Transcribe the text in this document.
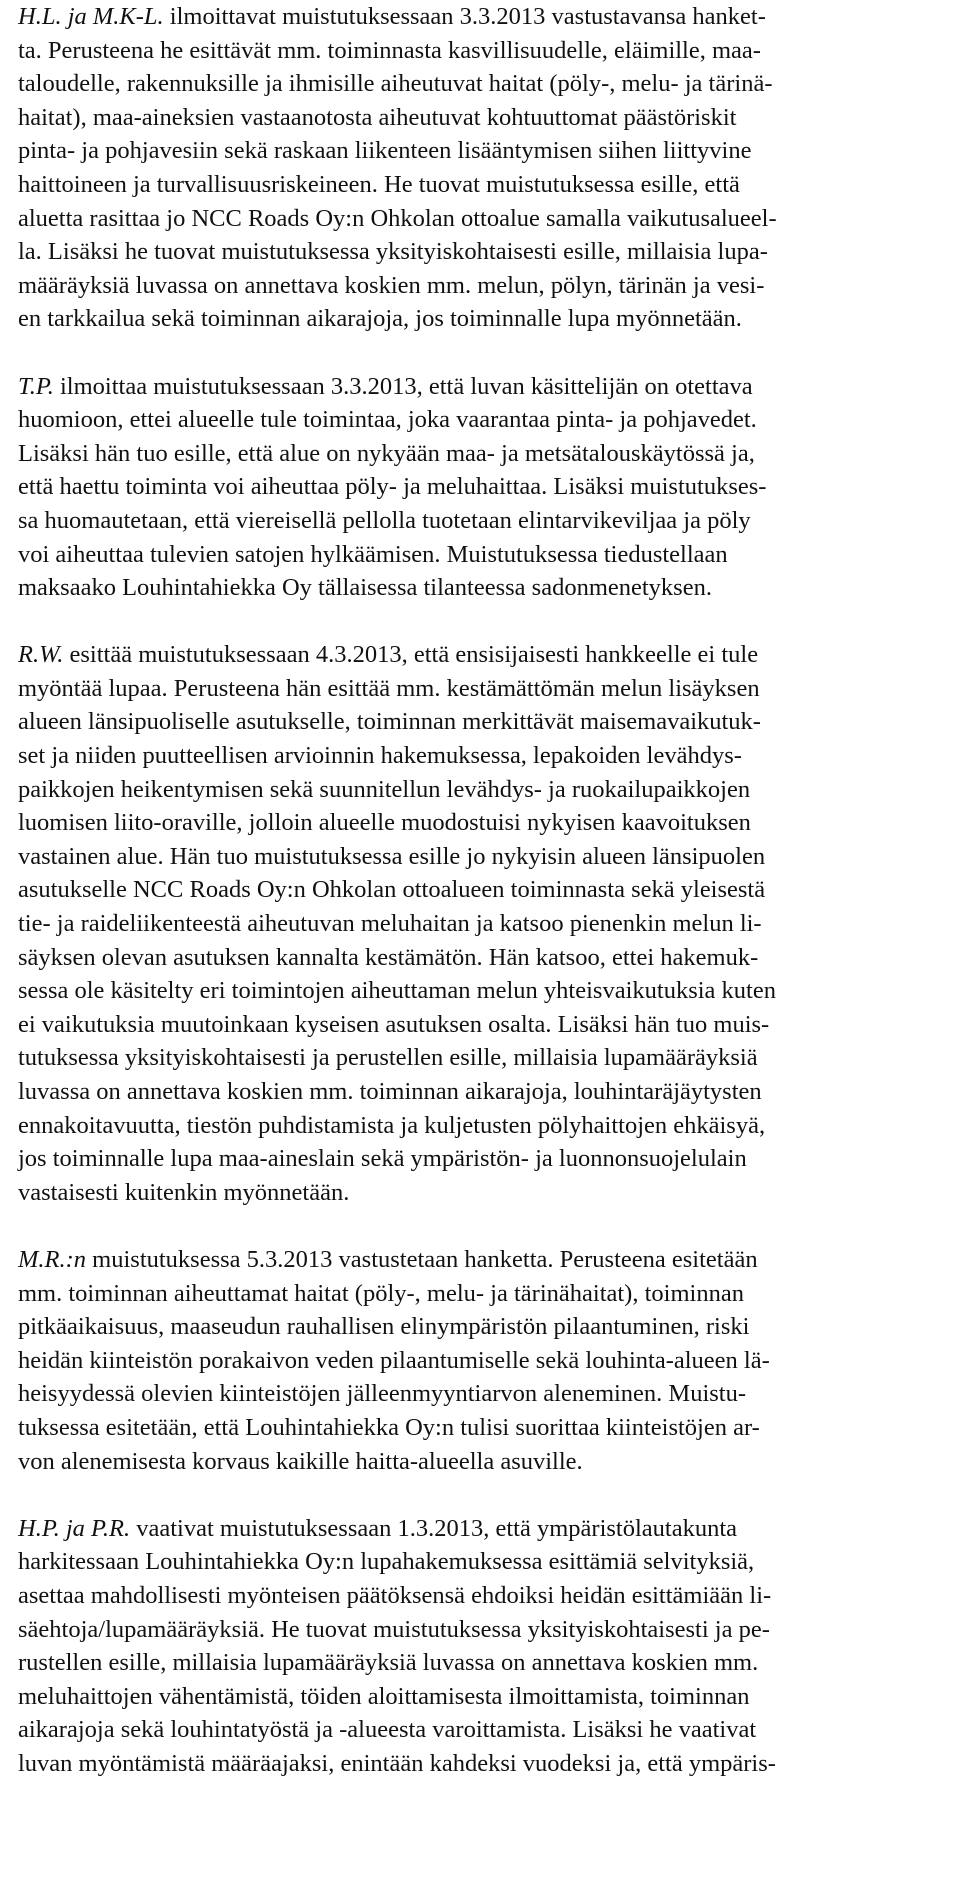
H.L. ja M.K-L. ilmoittavat muistutuksessaan 3.3.2013 vastustavansa hanket-
ta. Perusteena he esittävät mm. toiminnasta kasvillisuudelle, eläimille, maa-
taloudelle, rakennuksille ja ihmisille aiheutuvat haitat (pöly-, melu- ja tärinä-
haitat), maa-aineksien vastaanotosta aiheutuvat kohtuuttomat päästöriskit
pinta- ja pohjavesiin sekä raskaan liikenteen lisääntymisen siihen liittyvine
haittoineen ja turvallisuusriskeineen. He tuovat muistutuksessa esille, että
aluetta rasittaa jo NCC Roads Oy:n Ohkolan ottoalue samalla vaikutusalueel-
la. Lisäksi he tuovat muistutuksessa yksityiskohtaisesti esille, millaisia lupa-
määräyksiä luvassa on annettava koskien mm. melun, pölyn, tärinän ja vesi-
en tarkkailua sekä toiminnan aikarajoja, jos toiminnalle lupa myönnetään.
T.P. ilmoittaa muistutuksessaan 3.3.2013, että luvan käsittelijän on otettava
huomioon, ettei alueelle tule toimintaa, joka vaarantaa pinta- ja pohjavedet.
Lisäksi hän tuo esille, että alue on nykyään maa- ja metsätalouskäytössä ja,
että haettu toiminta voi aiheuttaa pöly- ja meluhaittaa. Lisäksi muistutukses-
sa huomautetaan, että viereisellä pellolla tuotetaan elintarvikeviljaa ja pöly
voi aiheuttaa tulevien satojen hylkäämisen. Muistutuksessa tiedustellaan
maksaako Louhintahiekka Oy tällaisessa tilanteessa sadonmenetyksen.
R.W. esittää muistutuksessaan 4.3.2013, että ensisijaisesti hankkeelle ei tule
myöntää lupaa. Perusteena hän esittää mm. kestämättömän melun lisäyksen
alueen länsipuoliselle asutukselle, toiminnan merkittävät maisemavaikutuk-
set ja niiden puutteellisen arvioinnin hakemuksessa, lepakoiden levähdys-
paikkojen heikentymisen sekä suunnitellun levähdys- ja ruokailupaikkojen
luomisen liito-oraville, jolloin alueelle muodostuisi nykyisen kaavoituksen
vastainen alue. Hän tuo muistutuksessa esille jo nykyisin alueen länsipuolen
asutukselle NCC Roads Oy:n Ohkolan ottoalueen toiminnasta sekä yleisestä
tie- ja raideliikenteestä aiheutuvan meluhaitan ja katsoo pienenkin melun li-
säyksen olevan asutuksen kannalta kestämätön. Hän katsoo, ettei hakemuk-
sessa ole käsitelty eri toimintojen aiheuttaman melun yhteisvaikutuksia kuten
ei vaikutuksia muutoinkaan kyseisen asutuksen osalta. Lisäksi hän tuo muis-
tutuksessa yksityiskohtaisesti ja perustellen esille, millaisia lupamääräyksiä
luvassa on annettava koskien mm. toiminnan aikarajoja, louhintaräjäytysten
ennakoitavuutta, tiestön puhdistamista ja kuljetusten pölyhaittojen ehkäisyä,
jos toiminnalle lupa maa-aineslain sekä ympäristön- ja luonnonsuojelulain
vastaisesti kuitenkin myönnetään.
M.R.:n muistutuksessa 5.3.2013 vastustetaan hanketta. Perusteena esitetään
mm. toiminnan aiheuttamat haitat (pöly-, melu- ja tärinähaitat), toiminnan
pitkäaikaisuus, maaseudun rauhallisen elinympäristön pilaantuminen, riski
heidän kiinteistön porakaivon veden pilaantumiselle sekä louhinta-alueen lä-
heisyydessä olevien kiinteistöjen jälleenmyyntiarvon aleneminen. Muistu-
tuksessa esitetään, että Louhintahiekka Oy:n tulisi suorittaa kiinteistöjen ar-
von alenemisesta korvaus kaikille haitta-alueella asuville.
H.P. ja P.R. vaativat muistutuksessaan 1.3.2013, että ympäristölautakunta
harkitessaan Louhintahiekka Oy:n lupahakemuksessa esittämiä selvityksiä,
asettaa mahdollisesti myönteisen päätöksensä ehdoiksi heidän esittämiään li-
säehtoja/lupamääräyksiä. He tuovat muistutuksessa yksityiskohtaisesti ja pe-
rustellen esille, millaisia lupamääräyksiä luvassa on annettava koskien mm.
meluhaittojen vähentämistä, töiden aloittamisesta ilmoittamista, toiminnan
aikarajoja sekä louhintatyöstä ja -alueesta varoittamista. Lisäksi he vaativat
luvan myöntämistä määräajaksi, enintään kahdeksi vuodeksi ja, että ympäris-
